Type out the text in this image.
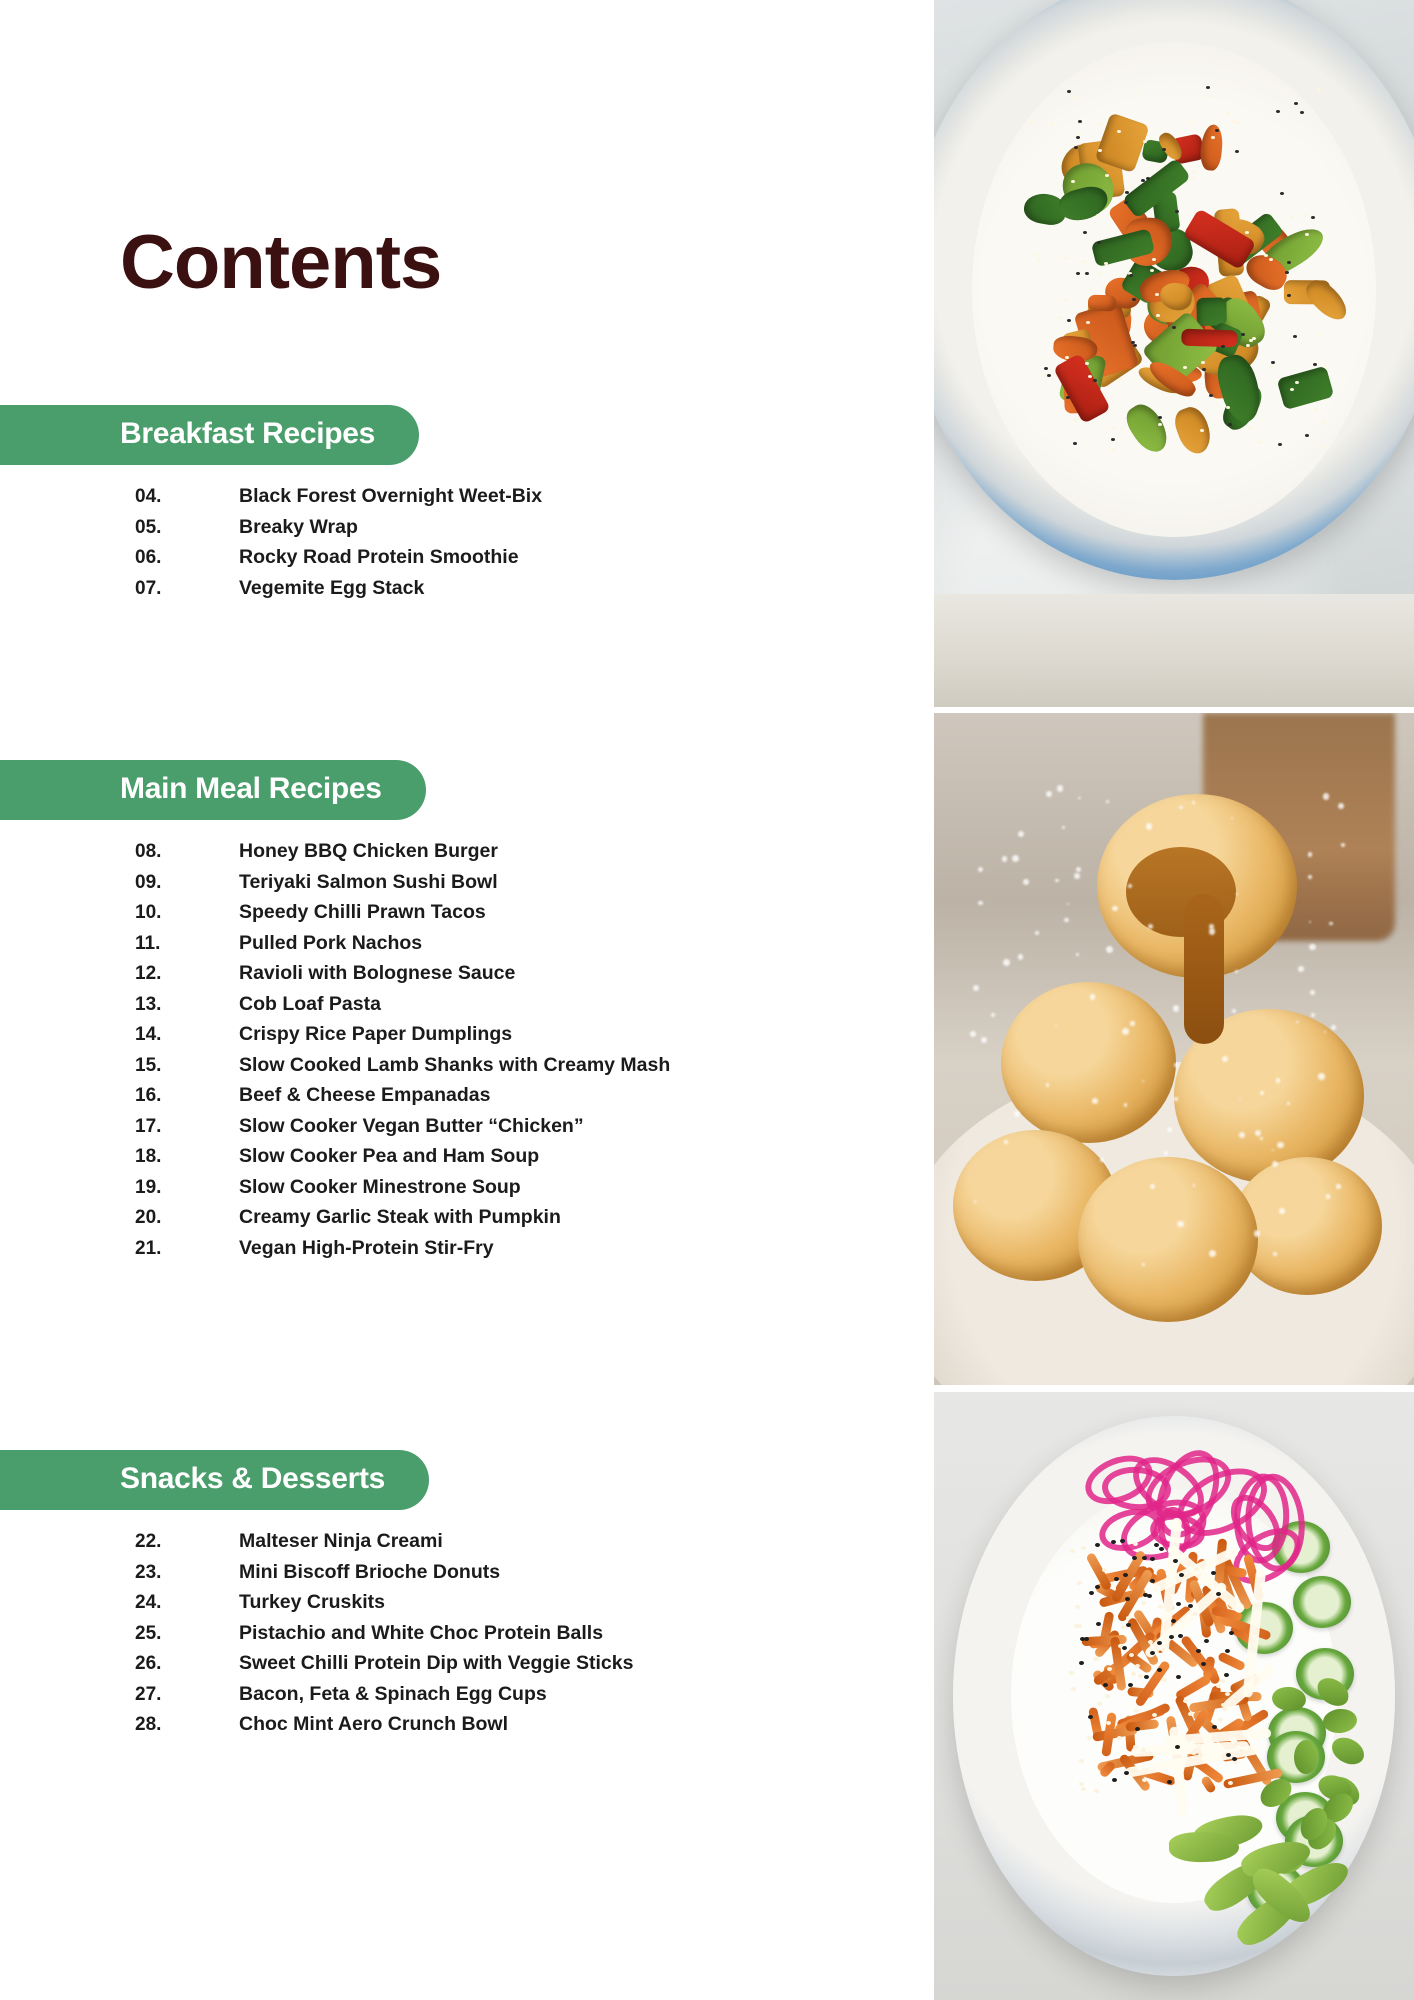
Contents
Breakfast Recipes
04.	Black Forest Overnight Weet-Bix
05.	Breaky Wrap
06.	Rocky Road Protein Smoothie
07.	Vegemite Egg Stack
Main Meal Recipes
08.	Honey BBQ Chicken Burger
09.	Teriyaki Salmon Sushi Bowl
10.	Speedy Chilli Prawn Tacos
11.	Pulled Pork Nachos
12.	Ravioli with Bolognese Sauce
13.	Cob Loaf Pasta
14.	Crispy Rice Paper Dumplings
15.	Slow Cooked Lamb Shanks with Creamy Mash
16.	Beef & Cheese Empanadas
17.	Slow Cooker Vegan Butter “Chicken”
18.	Slow Cooker Pea and Ham Soup
19.	Slow Cooker Minestrone Soup
20.	Creamy Garlic Steak with Pumpkin
21.	Vegan High-Protein Stir-Fry
Snacks & Desserts
22.	Malteser Ninja Creami
23.	Mini Biscoff Brioche Donuts
24.	Turkey Cruskits
25.	Pistachio and White Choc Protein Balls
26.	Sweet Chilli Protein Dip with Veggie Sticks
27.	Bacon, Feta & Spinach Egg Cups
28.	Choc Mint Aero Crunch Bowl
